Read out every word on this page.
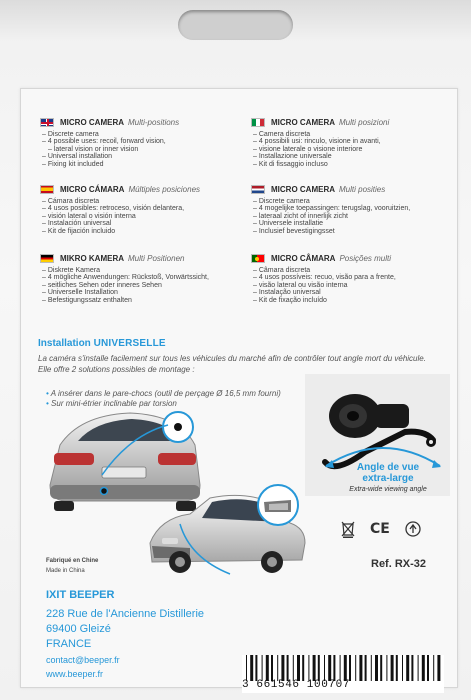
MICRO CAMERA Multi-positions
– Discrete camera
– 4 possible uses: recoil, forward vision,
– lateral vision or inner vision
– Universal installation
– Fixing kit included
MICRO CAMERA Multi posizioni
– Camera discreta
– 4 possibili usi: rinculo, visione in avanti,
– visione laterale o visione interiore
– Installazione universale
– Kit di fissaggio incluso
MICRO CÁMARA Múltiples posiciones
– Cámara discreta
– 4 usos posibles: retroceso, visión delantera,
– visión lateral o visión interna
– Instalación universal
– Kit de fijación incluido
MICRO CAMERA Multi posities
– Discrete camera
– 4 mogelijke toepassingen: terugslag, vooruitzien,
– lateraal zicht of innerlijk zicht
– Universele installatie
– Inclusief bevestigingsset
MIKRO KAMERA Multi Positionen
– Diskrete Kamera
– 4 mögliche Anwendungen: Rückstoß, Vorwärtssicht,
– seitliches Sehen oder inneres Sehen
– Universelle Installation
– Befestigungssatz enthalten
MICRO CÂMARA Posições multi
– Câmara discreta
– 4 usos possíveis: recuo, visão para a frente,
– visão lateral ou visão interna
– Instalação universal
– Kit de fixação incluído
Installation UNIVERSELLE
La caméra s'installe facilement sur tous les véhicules du marché afin de contrôler tout angle mort du véhicule.
Elle offre 2 solutions possibles de montage :
• A insérer dans le pare-chocs (outil de perçage Ø 16,5 mm fourni)
• Sur mini-étrier inclinable par torsion
Angle de vue
extra-large
Extra-wide viewing angle
CE
Fabriqué en Chine
Made in China
Ref. RX-32
IXIT BEEPER
228 Rue de l'Ancienne Distillerie
69400 Gleizé
FRANCE
contact@beeper.fr
www.beeper.fr
3 661546 100707
